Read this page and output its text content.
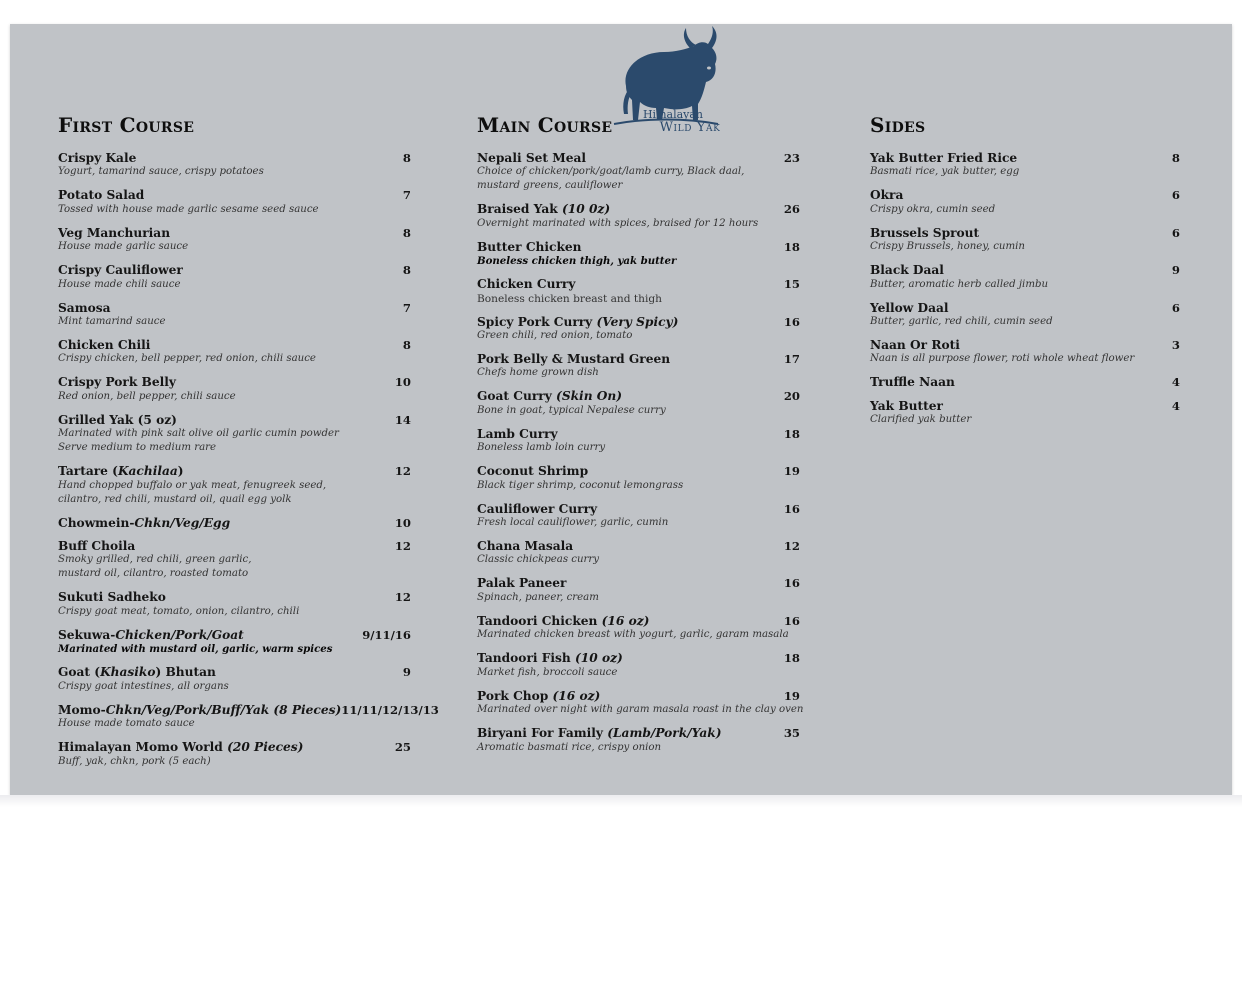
Himalayan
Wild Yak
First Course
Crispy Kale	8
Yogurt, tamarind sauce, crispy potatoes
Potato Salad	7
Tossed with house made garlic sesame seed sauce
Veg Manchurian	8
House made garlic sauce
Crispy Cauliflower	8
House made chili sauce
Samosa	7
Mint tamarind sauce
Chicken Chili	8
Crispy chicken, bell pepper, red onion, chili sauce
Crispy Pork Belly	10
Red onion, bell pepper, chili sauce
Grilled Yak (5 oz)	14
Marinated with pink salt olive oil garlic cumin powder
Serve medium to medium rare
Tartare (Kachilaa)	12
Hand chopped buffalo or yak meat, fenugreek seed,
cilantro, red chili, mustard oil, quail egg yolk
Chowmein-Chkn/Veg/Egg	10
Buff Choila	12
Smoky grilled, red chili, green garlic,
mustard oil, cilantro, roasted tomato
Sukuti Sadheko	12
Crispy goat meat, tomato, onion, cilantro, chili
Sekuwa-Chicken/Pork/Goat	9/11/16
Marinated with mustard oil, garlic, warm spices
Goat (Khasiko) Bhutan	9
Crispy goat intestines, all organs
Momo-Chkn/Veg/Pork/Buff/Yak (8 Pieces) 11/11/12/13/13
House made tomato sauce
Himalayan Momo World (20 Pieces)	25
Buff, yak, chkn, pork (5 each)
Main Course
Nepali Set Meal	23
Choice of chicken/pork/goat/lamb curry, Black daal,
mustard greens, cauliflower
Braised Yak (10 0z)	26
Overnight marinated with spices, braised for 12 hours
Butter Chicken	18
Boneless chicken thigh, yak butter
Chicken Curry	15
Boneless chicken breast and thigh
Spicy Pork Curry (Very Spicy)	16
Green chili, red onion, tomato
Pork Belly & Mustard Green	17
Chefs home grown dish
Goat Curry (Skin On)	20
Bone in goat, typical Nepalese curry
Lamb Curry	18
Boneless lamb loin curry
Coconut Shrimp	19
Black tiger shrimp, coconut lemongrass
Cauliflower Curry	16
Fresh local cauliflower, garlic, cumin
Chana Masala	12
Classic chickpeas curry
Palak Paneer	16
Spinach, paneer, cream
Tandoori Chicken (16 oz)	16
Marinated chicken breast with yogurt, garlic, garam masala
Tandoori Fish (10 oz)	18
Market fish, broccoli sauce
Pork Chop (16 oz)	19
Marinated over night with garam masala roast in the clay oven
Biryani For Family (Lamb/Pork/Yak)	35
Aromatic basmati rice, crispy onion
Sides
Yak Butter Fried Rice	8
Basmati rice, yak butter, egg
Okra	6
Crispy okra, cumin seed
Brussels Sprout	6
Crispy Brussels, honey, cumin
Black Daal	9
Butter, aromatic herb called jimbu
Yellow Daal	6
Butter, garlic, red chili, cumin seed
Naan Or Roti	3
Naan is all purpose flower, roti whole wheat flower
Truffle Naan	4
Yak Butter	4
Clarified yak butter
